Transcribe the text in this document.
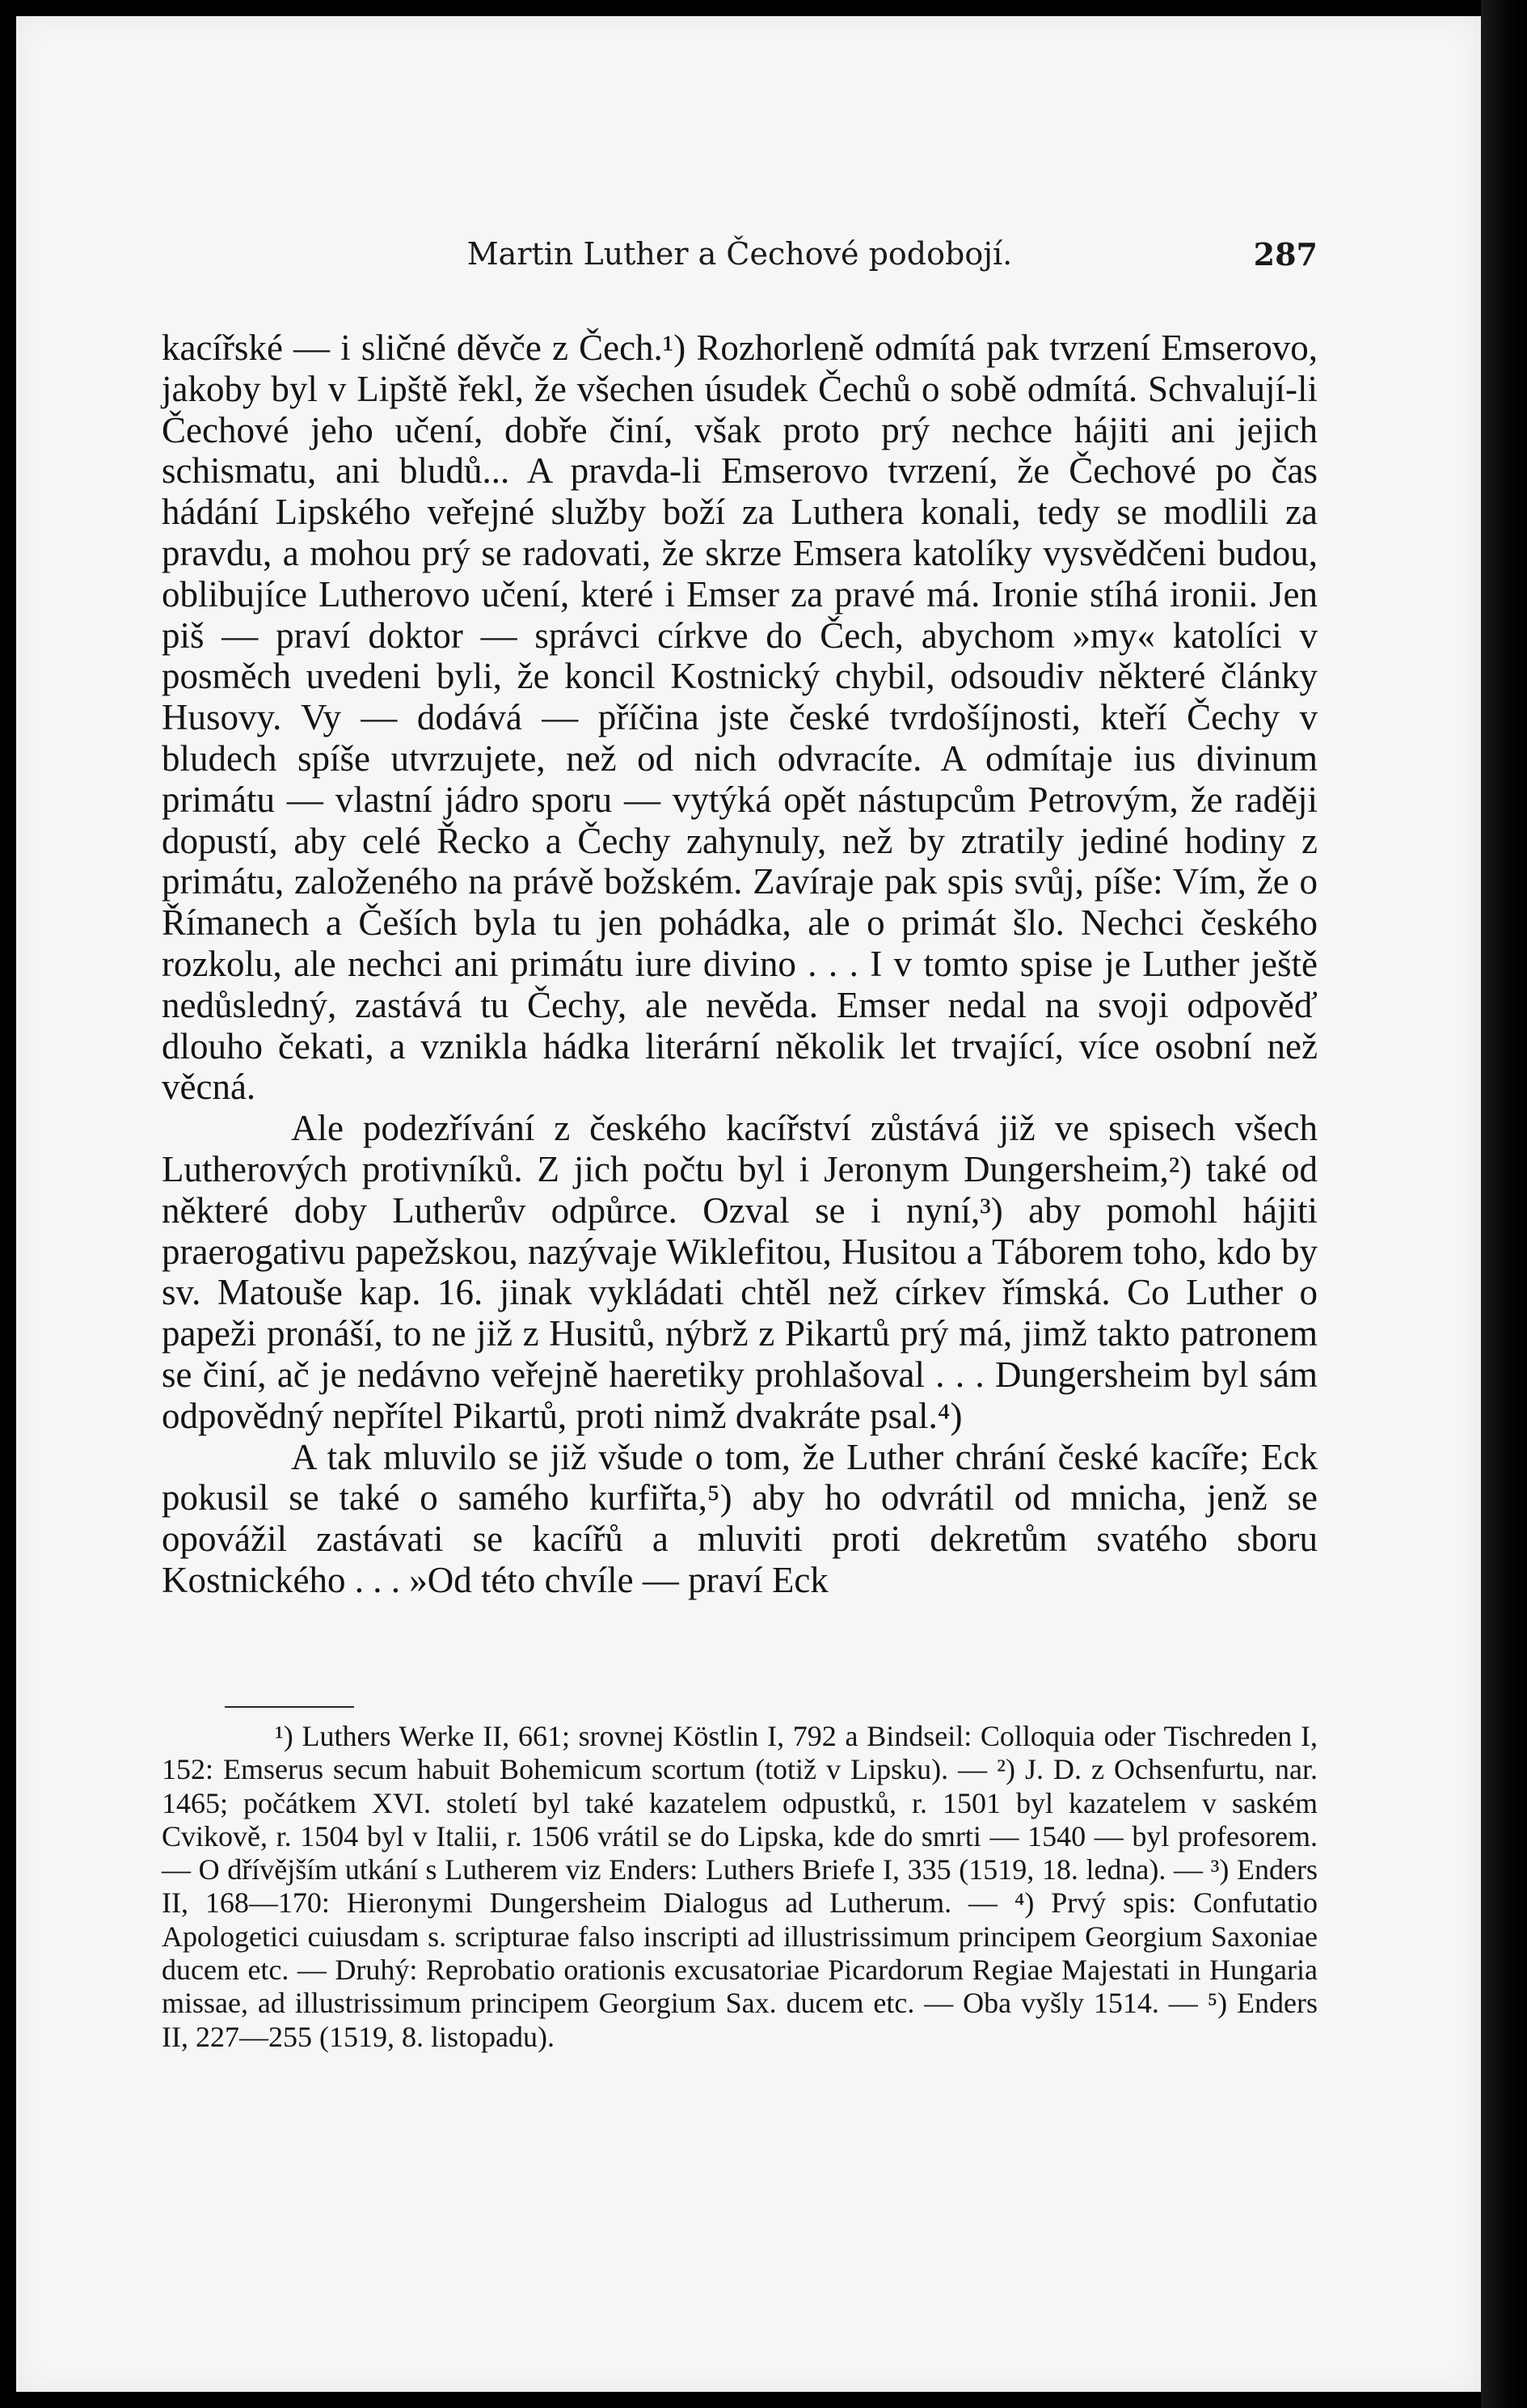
Martin Luther a Čechové podobojí.	287

kacířské — i sličné děvče z Čech.¹) Rozhorleně odmítá pak tvrzení Emserovo, jakoby byl v Lipště řekl, že všechen úsudek Čechů o sobě odmítá. Schvalují-li Čechové jeho učení, dobře činí, však proto prý nechce hájiti ani jejich schismatu, ani bludů... A pravda-li Emserovo tvrzení, že Čechové po čas hádání Lipského veřejné služby boží za Luthera konali, tedy se modlili za pravdu, a mohou prý se radovati, že skrze Emsera katolíky vysvědčeni budou, oblibujíce Lutherovo učení, které i Emser za pravé má. Ironie stíhá ironii. Jen piš — praví doktor — správci církve do Čech, abychom »my« katolíci v posměch uvedeni byli, že koncil Kostnický chybil, odsoudiv některé články Husovy. Vy — dodává — příčina jste české tvrdošíjnosti, kteří Čechy v bludech spíše utvrzujete, než od nich odvracíte. A odmítaje ius divinum primátu — vlastní jádro sporu — vytýká opět nástupcům Petrovým, že raději dopustí, aby celé Řecko a Čechy zahynuly, než by ztratily jediné hodiny z primátu, založeného na právě božském. Zavíraje pak spis svůj, píše: Vím, že o Římanech a Češích byla tu jen pohádka, ale o primát šlo. Nechci českého rozkolu, ale nechci ani primátu iure divino . . . I v tomto spise je Luther ještě nedůsledný, zastává tu Čechy, ale nevěda. Emser nedal na svoji odpověď dlouho čekati, a vznikla hádka literární několik let trvající, více osobní než věcná.

Ale podezřívání z českého kacířství zůstává již ve spisech všech Lutherových protivníků. Z jich počtu byl i Jeronym Dungersheim,²) také od některé doby Lutherův odpůrce. Ozval se i nyní,³) aby pomohl hájiti praerogativu papežskou, nazývaje Wiklefitou, Husitou a Táborem toho, kdo by sv. Matouše kap. 16. jinak vykládati chtěl než církev římská. Co Luther o papeži pronáší, to ne již z Husitů, nýbrž z Pikartů prý má, jimž takto patronem se činí, ač je nedávno veřejně haeretiky prohlašoval . . . Dungersheim byl sám odpovědný nepřítel Pikartů, proti nimž dvakráte psal.⁴)

A tak mluvilo se již všude o tom, že Luther chrání české kacíře; Eck pokusil se také o samého kurfiřta,⁵) aby ho odvrátil od mnicha, jenž se opovážil zastávati se kacířů a mluviti proti dekretům svatého sboru Kostnického . . . »Od této chvíle — praví Eck

¹) Luthers Werke II, 661; srovnej Köstlin I, 792 a Bindseil: Colloquia oder Tischreden I, 152: Emserus secum habuit Bohemicum scortum (totiž v Lipsku). — ²) J. D. z Ochsenfurtu, nar. 1465; počátkem XVI. století byl také kazatelem odpustků, r. 1501 byl kazatelem v saském Cvikově, r. 1504 byl v Italii, r. 1506 vrátil se do Lipska, kde do smrti — 1540 — byl profesorem. — O dřívějším utkání s Lutherem viz Enders: Luthers Briefe I, 335 (1519, 18. ledna). — ³) Enders II, 168—170: Hieronymi Dungersheim Dialogus ad Lutherum. — ⁴) Prvý spis: Confutatio Apologetici cuiusdam s. scripturae falso inscripti ad illustrissimum principem Georgium Saxoniae ducem etc. — Druhý: Reprobatio orationis excusatoriae Picardorum Regiae Majestati in Hungaria missae, ad illustrissimum principem Georgium Sax. ducem etc. — Oba vyšly 1514. — ⁵) Enders II, 227—255 (1519, 8. listopadu).
